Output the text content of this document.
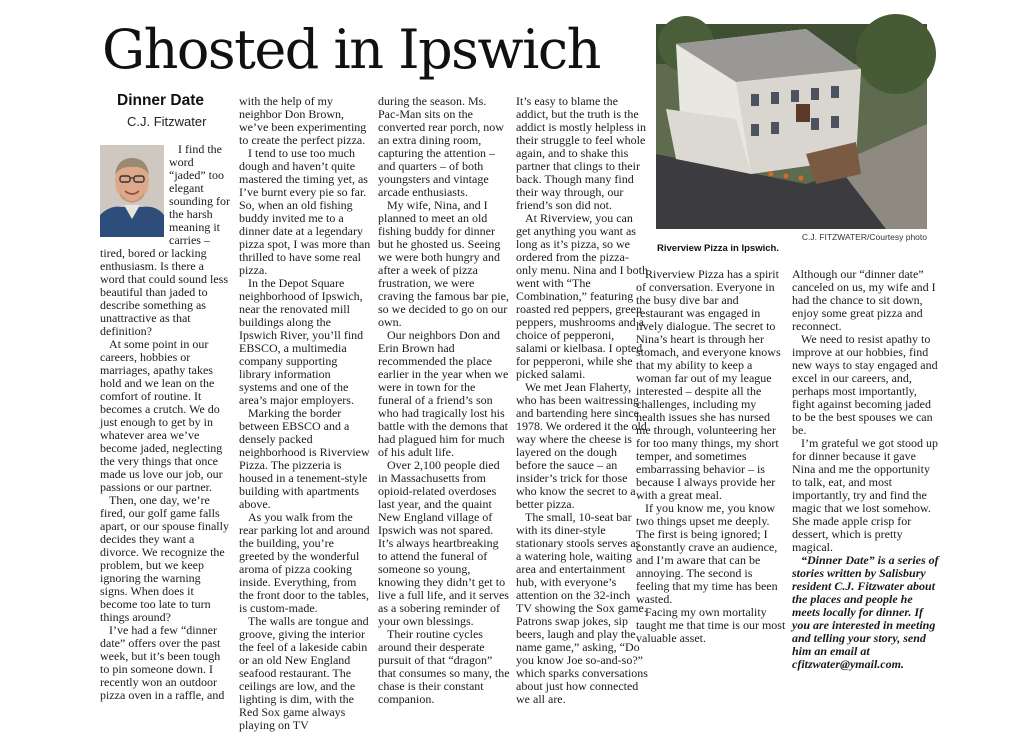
Ghosted in Ipswich
Dinner Date
C.J. Fitzwater

I find the word “jaded” too elegant sounding for the harsh meaning it carries – tired, bored or lacking enthusiasm. Is there a word that could sound less beautiful than jaded to describe something as unattractive as that definition?

At some point in our careers, hobbies or marriages, apathy takes hold and we lean on the comfort of routine. It becomes a crutch. We do just enough to get by in whatever area we’ve become jaded, neglecting the very things that once made us love our job, our passions or our partner.

Then, one day, we’re fired, our golf game falls apart, or our spouse finally decides they want a divorce. We recognize the problem, but we keep ignoring the warning signs. When does it become too late to turn things around?

I’ve had a few “dinner date” offers over the past week, but it’s been tough to pin someone down. I recently won an outdoor pizza oven in a raffle, and

with the help of my neighbor Don Brown, we’ve been experimenting to create the perfect pizza.

I tend to use too much dough and haven’t quite mastered the timing yet, as I’ve burnt every pie so far. So, when an old fishing buddy invited me to a dinner date at a legendary pizza spot, I was more than thrilled to have some real pizza.

In the Depot Square neighborhood of Ipswich, near the renovated mill buildings along the Ipswich River, you’ll find EBSCO, a multimedia company supporting library information systems and one of the area’s major employers.

Marking the border between EBSCO and a densely packed neighborhood is Riverview Pizza. The pizzeria is housed in a tenement-style building with apartments above.

As you walk from the rear parking lot and around the building, you’re greeted by the wonderful aroma of pizza cooking inside. Everything, from the front door to the tables, is custom-made.

The walls are tongue and groove, giving the interior the feel of a lakeside cabin or an old New England seafood restaurant. The ceilings are low, and the lighting is dim, with the Red Sox game always playing on TV

during the season. Ms. Pac-Man sits on the converted rear porch, now an extra dining room, capturing the attention – and quarters – of both youngsters and vintage arcade enthusiasts.

My wife, Nina, and I planned to meet an old fishing buddy for dinner but he ghosted us. Seeing we were both hungry and after a week of pizza frustration, we were craving the famous bar pie, so we decided to go on our own.

Our neighbors Don and Erin Brown had recommended the place earlier in the year when we were in town for the funeral of a friend’s son who had tragically lost his battle with the demons that had plagued him for much of his adult life.

Over 2,100 people died in Massachusetts from opioid-related overdoses last year, and the quaint New England village of Ipswich was not spared. It’s always heartbreaking to attend the funeral of someone so young, knowing they didn’t get to live a full life, and it serves as a sobering reminder of your own blessings.

Their routine cycles around their desperate pursuit of that “dragon” that consumes so many, the chase is their constant companion.

It’s easy to blame the addict, but the truth is the addict is mostly helpless in their struggle to feel whole again, and to shake this partner that clings to their back. Though many find their way through, our friend’s son did not.

At Riverview, you can get anything you want as long as it’s pizza, so we ordered from the pizza-only menu. Nina and I both went with “The Combination,” featuring roasted red peppers, green peppers, mushrooms and a choice of pepperoni, salami or kielbasa. I opted for pepperoni, while she picked salami.

We met Jean Flaherty, who has been waitressing and bartending here since 1978. We ordered it the old way where the cheese is layered on the dough before the sauce – an insider’s trick for those who know the secret to a better pizza.

The small, 10-seat bar with its diner-style stationary stools serves as a watering hole, waiting area and entertainment hub, with everyone’s attention on the 32-inch TV showing the Sox game. Patrons swap jokes, sip beers, laugh and play the name game,” asking, “Do you know Joe so-and-so?” which sparks conversations about just how connected we all are.

C.J. FITZWATER/Courtesy photo
Riverview Pizza in Ipswich.

Riverview Pizza has a spirit of conversation. Everyone in the busy dive bar and restaurant was engaged in lively dialogue. The secret to Nina’s heart is through her stomach, and everyone knows that my ability to keep a woman far out of my league interested – despite all the challenges, including my health issues she has nursed me through, volunteering her for too many things, my short temper, and sometimes embarrassing behavior – is because I always provide her with a great meal.

If you know me, you know two things upset me deeply. The first is being ignored; I constantly crave an audience, and I’m aware that can be annoying. The second is feeling that my time has been wasted.

Facing my own mortality taught me that time is our most valuable asset.

Although our “dinner date” canceled on us, my wife and I had the chance to sit down, enjoy some great pizza and reconnect.

We need to resist apathy to improve at our hobbies, find new ways to stay engaged and excel in our careers, and, perhaps most importantly, fight against becoming jaded to be the best spouses we can be.

I’m grateful we got stood up for dinner because it gave Nina and me the opportunity to talk, eat, and most importantly, try and find the magic that we lost somehow. She made apple crisp for dessert, which is pretty magical.

“Dinner Date” is a series of stories written by Salisbury resident C.J. Fitzwater about the places and people he meets locally for dinner. If you are interested in meeting and telling your story, send him an email at cfitzwater@ymail.com.
